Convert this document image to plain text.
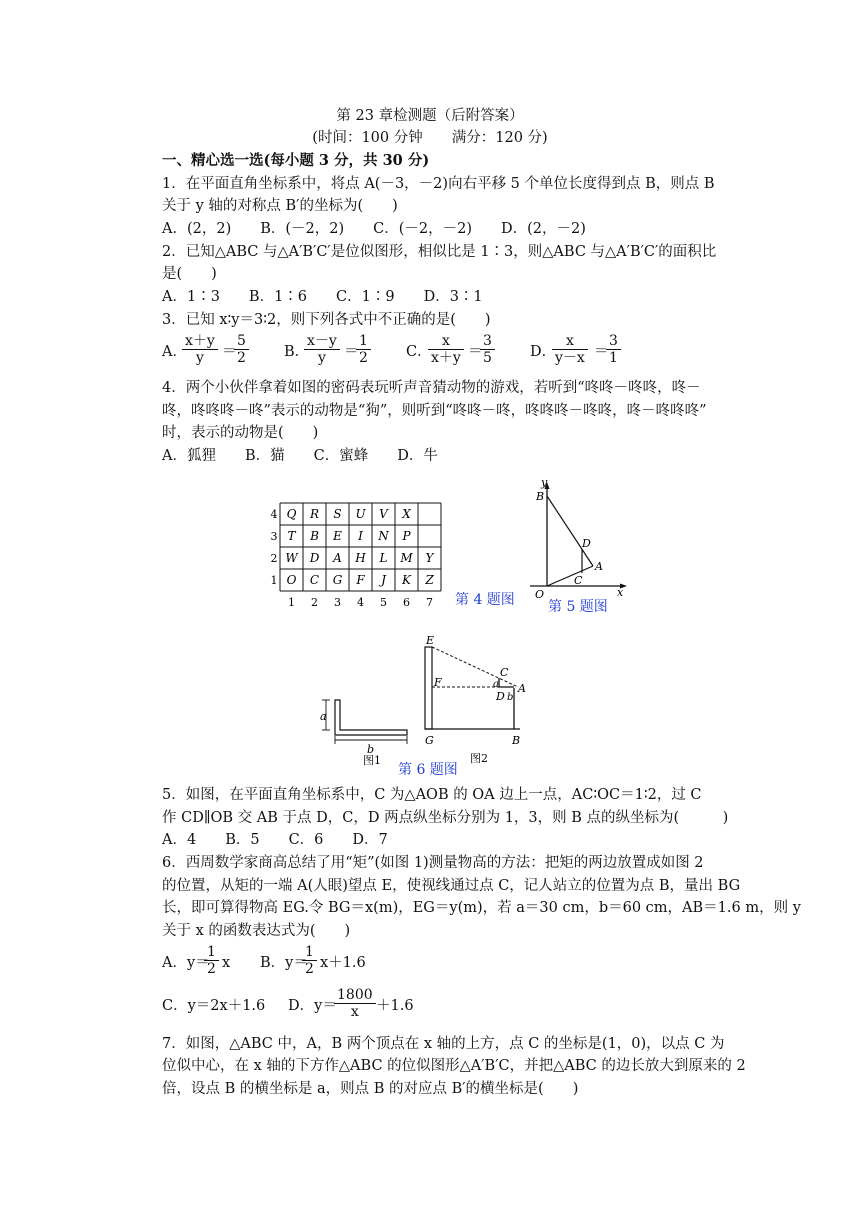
第 23 章检测题（后附答案）
(时间：100 分钟　　满分：120 分)
一、精心选一选(每小题 3 分，共 30 分)
1．在平面直角坐标系中，将点 A(－3，－2)向右平移 5 个单位长度得到点 B，则点 B
关于 y 轴的对称点 B′的坐标为(　　)
A．(2，2)　　B．(－2，2)　　C．(－2，－2)　　D．(2，－2)
2．已知△ABC 与△A′B′C′是位似图形，相似比是 1∶3，则△ABC 与△A′B′C′的面积比
是(　　)
A．1∶3　　B．1∶6　　C．1∶9　　D．3∶1
3．已知 x∶y＝3∶2，则下列各式中不正确的是(　　)
A．
$\frac{x+y}{y}$ ＝
$\frac{5}{2}$ B．
$\frac{x-y}{y}$ ＝
$\frac{1}{2}$ C．
$\frac{x}{x+y}$ ＝
$\frac{3}{5}$ D．
$\frac{x}{y-x}$ ＝
$\frac{3}{1}$
4．两个小伙伴拿着如图的密码表玩听声音猜动物的游戏，若听到“咚咚－咚咚，咚－
咚，咚咚咚－咚”表示的动物是“狗”，则听到“咚咚－咚，咚咚咚－咚咚，咚－咚咚咚”
时，表示的动物是(　　)
A．狐狸　　B．猫　　C．蜜蜂　　D．牛
Q R S U V X
4
T B E I N P
3
W D A H L M Y
2
O C G F J K Z
1
1 2 3 4 5 6 7 第 4 题图
y
B
D
A
C
O	x
第 5 题图
a
b
图1
E
F
C
a A
D b
G	B
图2
第 6 题图
5．如图，在平面直角坐标系中，C 为△AOB 的 OA 边上一点，AC∶OC＝1∶2，过 C
作 CD∥OB 交 AB 于点 D，C，D 两点纵坐标分别为 1，3，则 B 点的纵坐标为(　　　)
A．4　　B．5　　C．6　　D．7
6．西周数学家商高总结了用“矩”(如图 1)测量物高的方法：把矩的两边放置成如图 2
的位置，从矩的一端 A(人眼)望点 E，使视线通过点 C，记人站立的位置为点 B，量出 BG
长，即可算得物高 EG.令 BG＝x(m)，EG＝y(m)，若 a＝30 cm，b＝60 cm，AB＝1.6 m，则 y
关于 x 的函数表达式为(　　)
A．y＝
$\frac{1}{2}$ x B．y＝
$\frac{1}{2} x+1.6$
C．y＝2x＋1.6 D．y＝
$\frac{1800}{x} +1.6$
7．如图，△ABC 中，A，B 两个顶点在 x 轴的上方，点 C 的坐标是(1，0)，以点 C 为
位似中心，在 x 轴的下方作△ABC 的位似图形△A′B′C，并把△ABC 的边长放大到原来的 2
倍，设点 B 的横坐标是 a，则点 B 的对应点 B′的横坐标是(　　)
